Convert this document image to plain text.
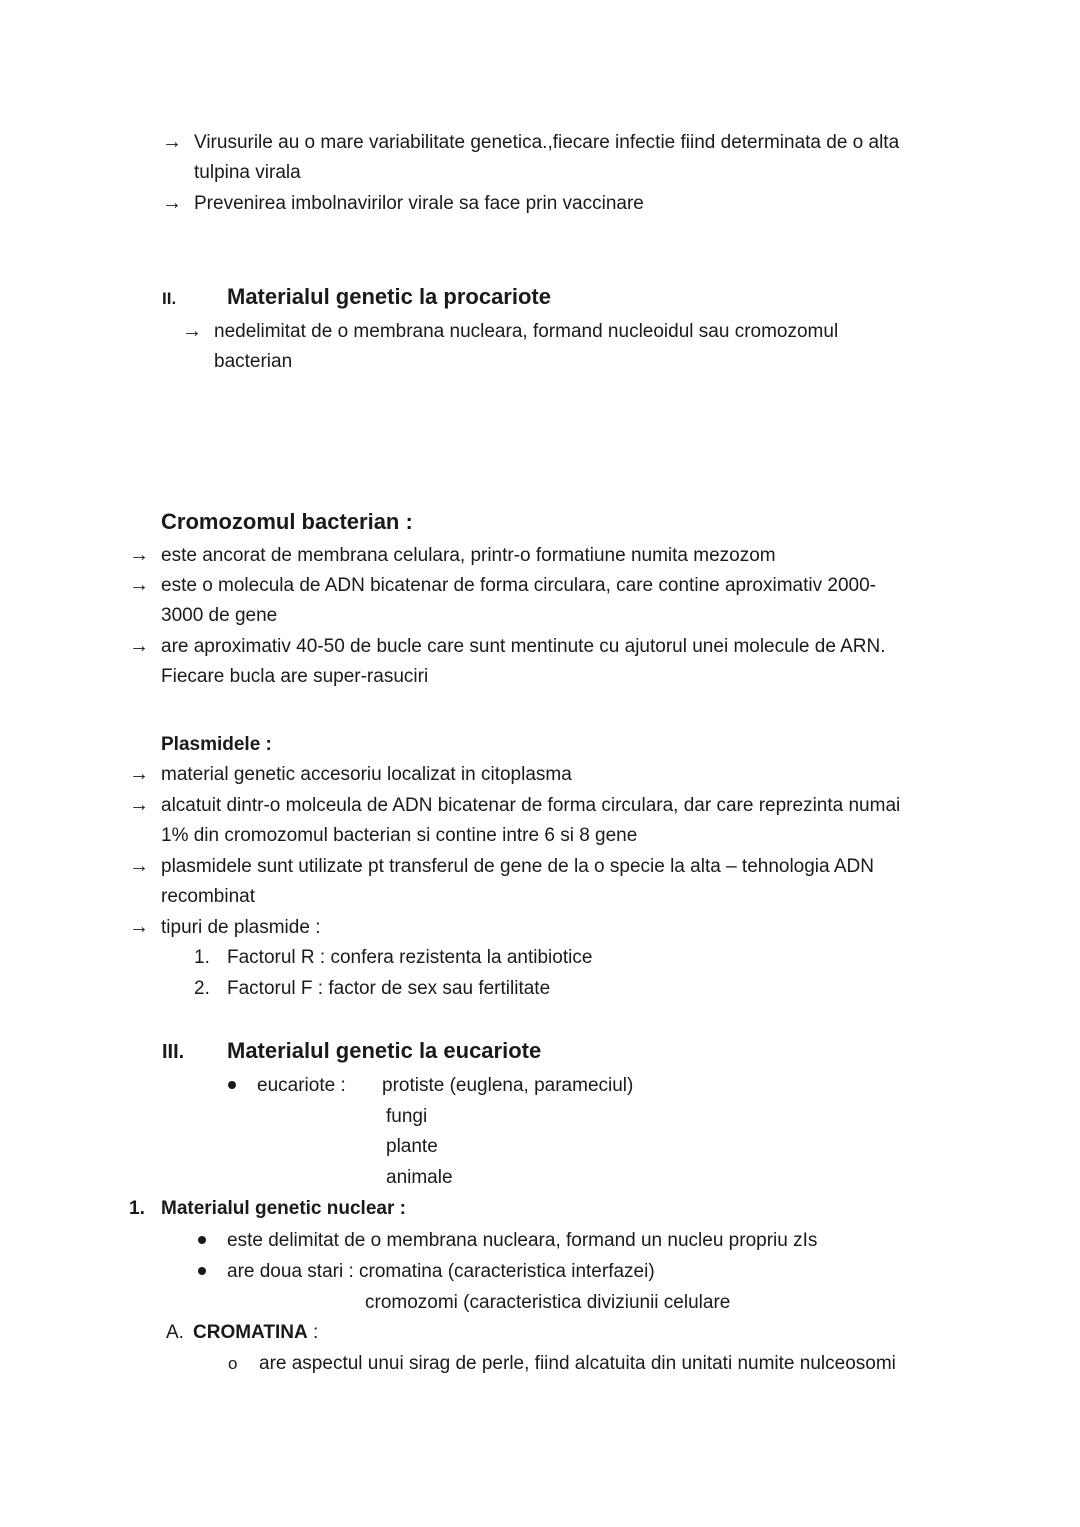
→ Virusurile au o mare variabilitate genetica.,fiecare infectie fiind determinata de o alta
tulpina virala
→ Prevenirea imbolnavirilor virale sa face prin vaccinare
II. Materialul genetic la procariote
→ nedelimitat de o membrana nucleara, formand nucleoidul sau cromozomul
bacterian
Cromozomul bacterian :
→ este ancorat de membrana celulara, printr-o formatiune numita mezozom
→ este o molecula de ADN bicatenar de forma circulara, care contine aproximativ 2000-
3000 de gene
→ are aproximativ 40-50 de bucle care sunt mentinute cu ajutorul unei molecule de ARN.
Fiecare bucla are super-rasuciri
Plasmidele :
→ material genetic accesoriu localizat in citoplasma
→ alcatuit dintr-o molceula de ADN bicatenar de forma circulara, dar care reprezinta numai
1% din cromozomul bacterian si contine intre 6 si 8 gene
→ plasmidele sunt utilizate pt transferul de gene de la o specie la alta – tehnologia ADN
recombinat
→ tipuri de plasmide :
1. Factorul R : confera rezistenta la antibiotice
2. Factorul F : factor de sex sau fertilitate
III. Materialul genetic la eucariote
eucariote : protiste (euglena, parameciul)
fungi
plante
animale
1. Materialul genetic nuclear :
este delimitat de o membrana nucleara, formand un nucleu propriu zIs
are doua stari : cromatina (caracteristica interfazei)
cromozomi (caracteristica diviziunii celulare
A. CROMATINA :
o are aspectul unui sirag de perle, fiind alcatuita din unitati numite nulceosomi
